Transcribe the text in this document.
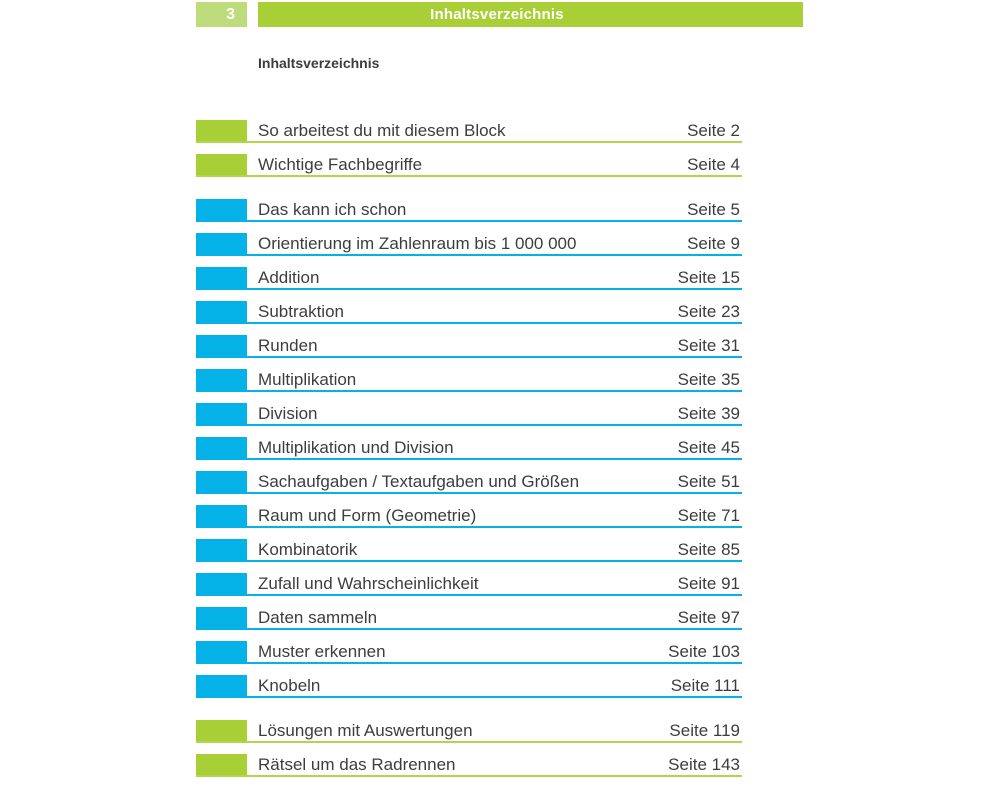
3	Inhaltsverzeichnis
Inhaltsverzeichnis
So arbeitest du mit diesem Block	Seite 2
Wichtige Fachbegriffe	Seite 4
Das kann ich schon	Seite 5
Orientierung im Zahlenraum bis 1 000 000	Seite 9
Addition	Seite 15
Subtraktion	Seite 23
Runden	Seite 31
Multiplikation	Seite 35
Division	Seite 39
Multiplikation und Division	Seite 45
Sachaufgaben / Textaufgaben und Größen	Seite 51
Raum und Form (Geometrie)	Seite 71
Kombinatorik	Seite 85
Zufall und Wahrscheinlichkeit	Seite 91
Daten sammeln	Seite 97
Muster erkennen	Seite 103
Knobeln	Seite 111
Lösungen mit Auswertungen	Seite 119
Rätsel um das Radrennen	Seite 143
